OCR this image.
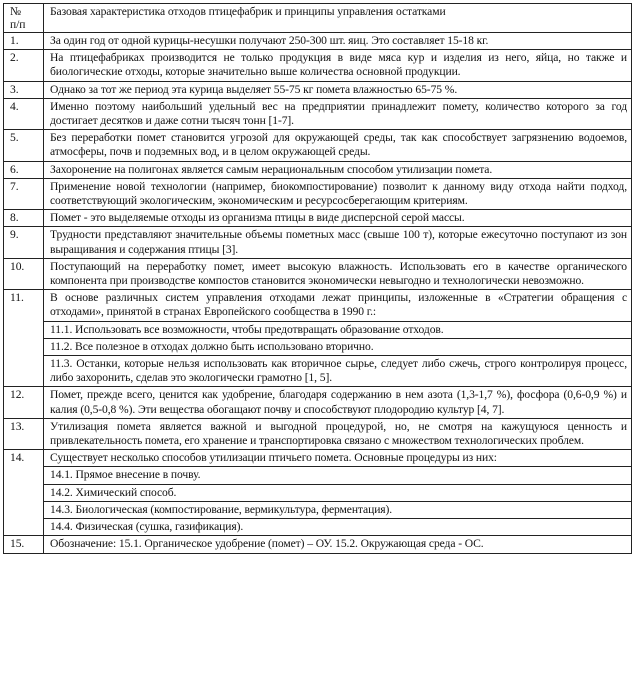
№
п/п	Базовая характеристика отходов птицефабрик и принципы управления остатками
1.	За один год от одной курицы-несушки получают 250-300 шт. яиц. Это составляет 15-18 кг.
2.	На птицефабриках производится не только продукция в виде мяса кур и изделия из него, яйца, но также и биологические отходы, которые значительно выше количества основной продукции.
3.	Однако за тот же период эта курица выделяет 55-75 кг помета влажностью 65-75 %.
4.	Именно поэтому наибольший удельный вес на предприятии принадлежит помету, количество которого за год достигает десятков и даже сотни тысяч тонн [1-7].
5.	Без переработки помет становится угрозой для окружающей среды, так как способствует загрязнению водоемов, атмосферы, почв и подземных вод, и в целом окружающей среды.
6.	Захоронение на полигонах является самым нерациональным способом утилизации помета.
7.	Применение новой технологии (например, биокомпостирование) позволит к данному виду отхода найти подход, соответствующий экологическим, экономическим и ресурсосберегающим критериям.
8.	Помет - это выделяемые отходы из организма птицы в виде дисперсной серой массы.
9.	Трудности представляют значительные объемы пометных масс (свыше 100 т), которые ежесуточно поступают из зон выращивания и содержания птицы [3].
10.	Поступающий на переработку помет, имеет высокую влажность. Использовать его в качестве органического компонента при производстве компостов становится экономически невыгодно и технологически невозможно.
11.	В основе различных систем управления отходами лежат принципы, изложенные в «Стратегии обращения с отходами», принятой в странах Европейского сообщества в 1990 г.:
	11.1. Использовать все возможности, чтобы предотвращать образование отходов.
	11.2. Все полезное в отходах должно быть использовано вторично.
	11.3. Останки, которые нельзя использовать как вторичное сырье, следует либо сжечь, строго контролируя процесс, либо захоронить, сделав это экологически грамотно [1, 5].
12.	Помет, прежде всего, ценится как удобрение, благодаря содержанию в нем азота (1,3-1,7 %), фосфора (0,6-0,9 %) и калия (0,5-0,8 %). Эти вещества обогащают почву и способствуют плодородию культур [4, 7].
13.	Утилизация помета является важной и выгодной процедурой, но, не смотря на кажущуюся ценность и привлекательность помета, его хранение и транспортировка связано с множеством технологических проблем.
14.	Существует несколько способов утилизации птичьего помета. Основные процедуры из них:
	14.1. Прямое внесение в почву.
	14.2. Химический способ.
	14.3. Биологическая (компостирование, вермикультура, ферментация).
	14.4. Физическая (сушка, газификация).
15.	Обозначение: 15.1. Органическое удобрение (помет) – ОУ. 15.2. Окружающая среда - ОС.
